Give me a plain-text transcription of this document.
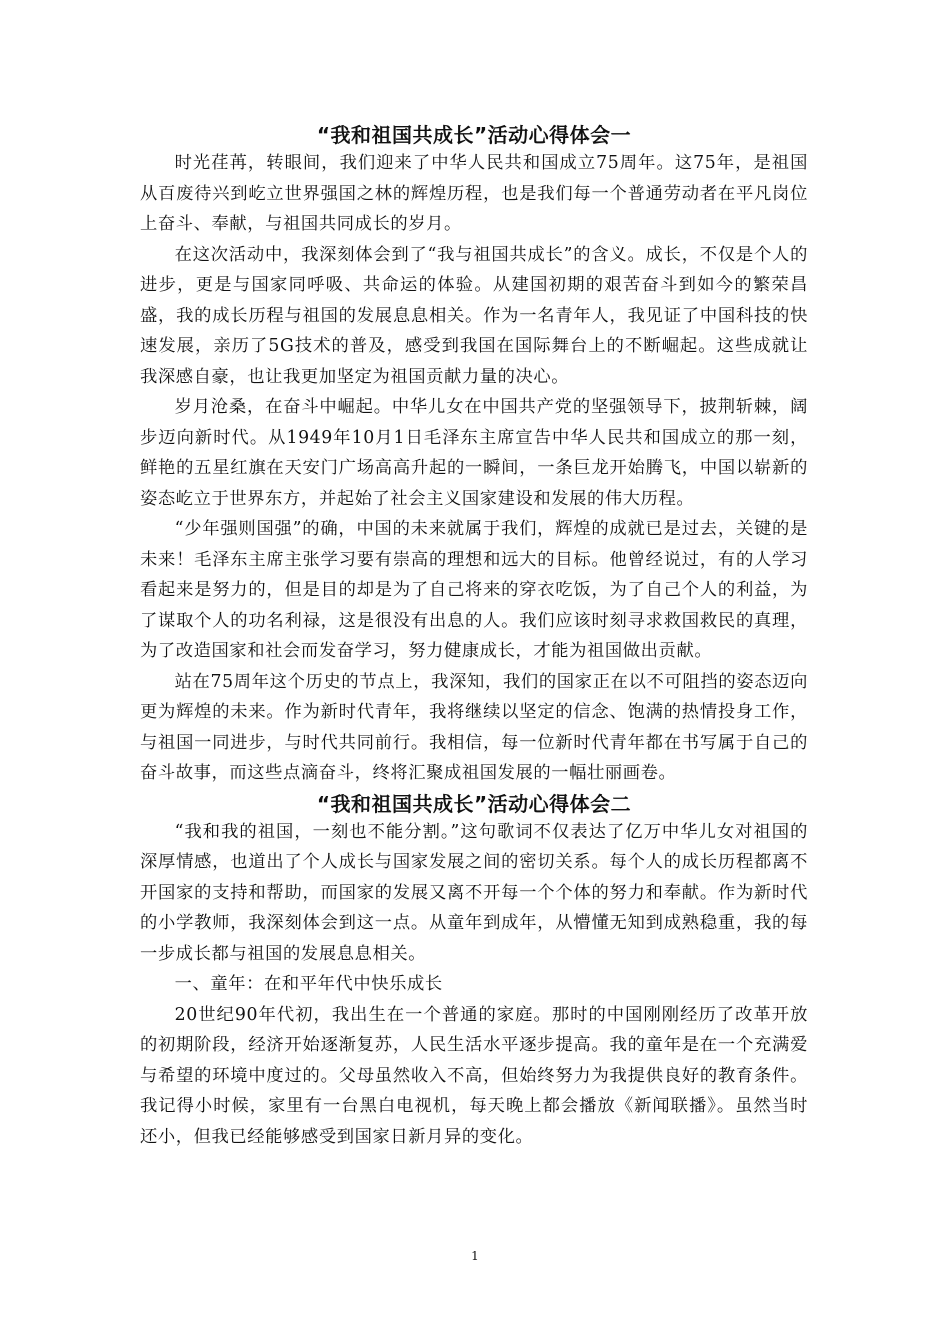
“我和祖国共成长”活动心得体会一

时光荏苒，转眼间，我们迎来了中华人民共和国成立75周年。这75年，是祖国从百废待兴到屹立世界强国之林的辉煌历程，也是我们每一个普通劳动者在平凡岗位上奋斗、奉献，与祖国共同成长的岁月。

在这次活动中，我深刻体会到了“我与祖国共成长”的含义。成长，不仅是个人的进步，更是与国家同呼吸、共命运的体验。从建国初期的艰苦奋斗到如今的繁荣昌盛，我的成长历程与祖国的发展息息相关。作为一名青年人，我见证了中国科技的快速发展，亲历了5G技术的普及，感受到我国在国际舞台上的不断崛起。这些成就让我深感自豪，也让我更加坚定为祖国贡献力量的决心。

岁月沧桑，在奋斗中崛起。中华儿女在中国共产党的坚强领导下，披荆斩棘，阔步迈向新时代。从1949年10月1日毛泽东主席宣告中华人民共和国成立的那一刻，鲜艳的五星红旗在天安门广场高高升起的一瞬间，一条巨龙开始腾飞，中国以崭新的姿态屹立于世界东方，并起始了社会主义国家建设和发展的伟大历程。

“少年强则国强”的确，中国的未来就属于我们，辉煌的成就已是过去，关键的是未来！毛泽东主席主张学习要有崇高的理想和远大的目标。他曾经说过，有的人学习看起来是努力的，但是目的却是为了自己将来的穿衣吃饭，为了自己个人的利益，为了谋取个人的功名利禄，这是很没有出息的人。我们应该时刻寻求救国救民的真理，为了改造国家和社会而发奋学习，努力健康成长，才能为祖国做出贡献。

站在75周年这个历史的节点上，我深知，我们的国家正在以不可阻挡的姿态迈向更为辉煌的未来。作为新时代青年，我将继续以坚定的信念、饱满的热情投身工作，与祖国一同进步，与时代共同前行。我相信，每一位新时代青年都在书写属于自己的奋斗故事，而这些点滴奋斗，终将汇聚成祖国发展的一幅壮丽画卷。

“我和祖国共成长”活动心得体会二

“我和我的祖国，一刻也不能分割。”这句歌词不仅表达了亿万中华儿女对祖国的深厚情感，也道出了个人成长与国家发展之间的密切关系。每个人的成长历程都离不开国家的支持和帮助，而国家的发展又离不开每一个个体的努力和奉献。作为新时代的小学教师，我深刻体会到这一点。从童年到成年，从懵懂无知到成熟稳重，我的每一步成长都与祖国的发展息息相关。

一、童年：在和平年代中快乐成长

20世纪90年代初，我出生在一个普通的家庭。那时的中国刚刚经历了改革开放的初期阶段，经济开始逐渐复苏，人民生活水平逐步提高。我的童年是在一个充满爱与希望的环境中度过的。父母虽然收入不高，但始终努力为我提供良好的教育条件。我记得小时候，家里有一台黑白电视机，每天晚上都会播放《新闻联播》。虽然当时还小，但我已经能够感受到国家日新月异的变化。

1
